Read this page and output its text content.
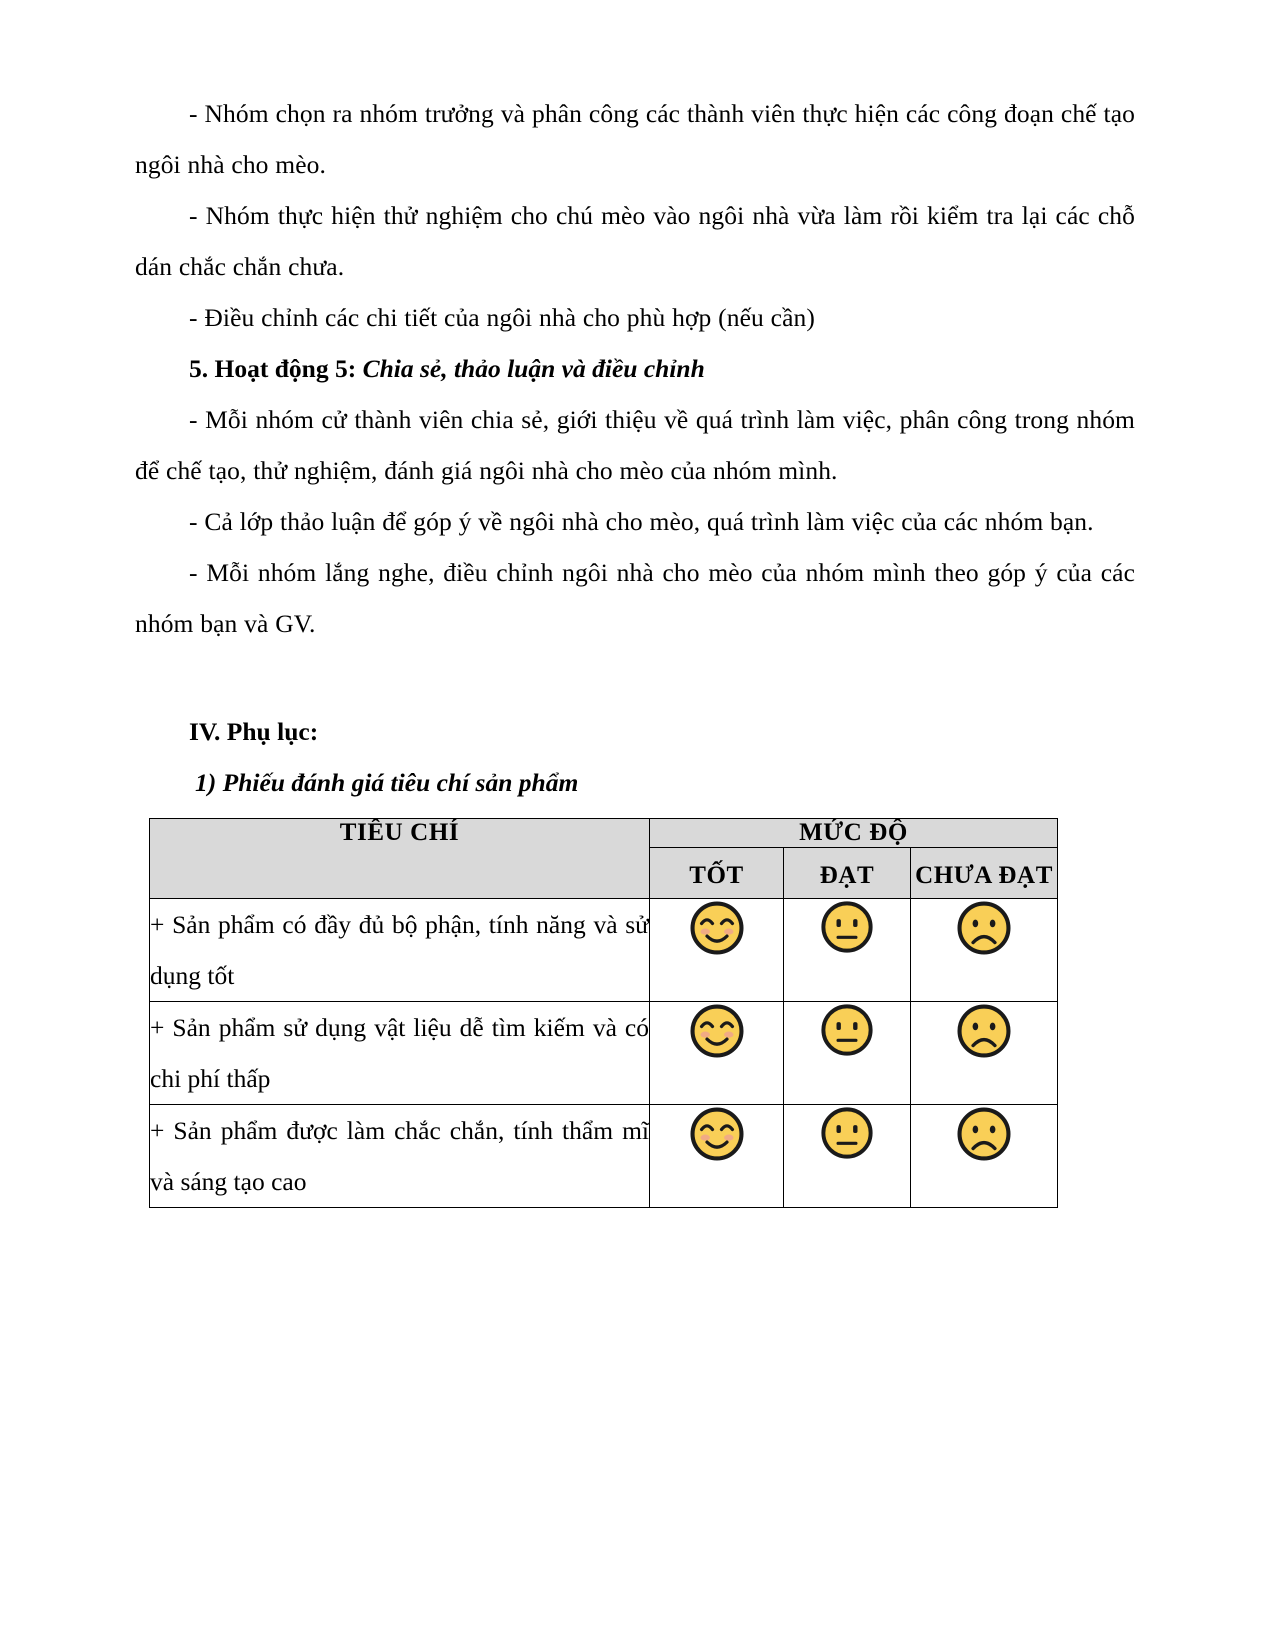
- Nhóm chọn ra nhóm trưởng và phân công các thành viên thực hiện các công đoạn chế tạo ngôi nhà cho mèo.

- Nhóm thực hiện thử nghiệm cho chú mèo vào ngôi nhà vừa làm rồi kiểm tra lại các chỗ dán chắc chắn chưa.

- Điều chỉnh các chi tiết của ngôi nhà cho phù hợp (nếu cần)

5. Hoạt động 5: Chia sẻ, thảo luận và điều chỉnh

- Mỗi nhóm cử thành viên chia sẻ, giới thiệu về quá trình làm việc, phân công trong nhóm để chế tạo, thử nghiệm, đánh giá ngôi nhà cho mèo của nhóm mình.

- Cả lớp thảo luận để góp ý về ngôi nhà cho mèo, quá trình làm việc của các nhóm bạn.

- Mỗi nhóm lắng nghe, điều chỉnh ngôi nhà cho mèo của nhóm mình theo góp ý của các nhóm bạn và GV.

IV. Phụ lục:

1) Phiếu đánh giá tiêu chí sản phẩm

TIÊU CHÍ	MỨC ĐỘ		
	TỐT	ĐẠT	CHƯA ĐẠT
+ Sản phẩm có đầy đủ bộ phận, tính năng và sử dụng tốt	

+ Sản phẩm sử dụng vật liệu dễ tìm kiếm và có chi phí thấp	

+ Sản phẩm được làm chắc chắn, tính thẩm mĩ và sáng tạo cao	
